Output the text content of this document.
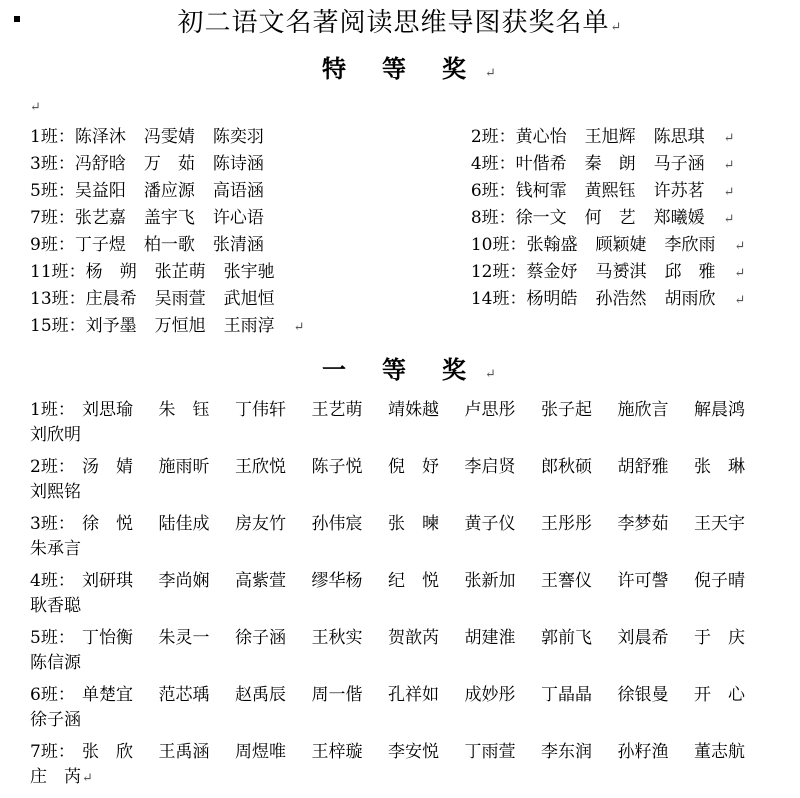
初二语文名著阅读思维导图获奖名单↵
特 等 奖 ↵
↵
1班：陈泽沐 冯雯婧 陈奕羽	2班：黄心怡 王旭辉 陈思琪 ↵
3班：冯舒晗 万　茹 陈诗涵	4班：叶偕希 秦　朗 马子涵 ↵
5班：吴益阳 潘应源 高语涵	6班：钱柯霏 黄熙钰 许苏茗 ↵
7班：张艺嘉 盖宇飞 许心语	8班：徐一文 何　艺 郑曦媛 ↵
9班：丁子煜 柏一歌 张清涵	10班：张翰盛 顾颖婕 李欣雨 ↵
11班：杨　朔 张芷萌 张宇驰	12班：蔡金妤 马赟淇 邱　雅 ↵
13班：庄晨希 吴雨萱 武旭恒	14班：杨明皓 孙浩然 胡雨欣 ↵
15班：刘予墨 万恒旭 王雨淳 ↵
一 等 奖 ↵
1班： 刘思瑜	朱　钰	丁伟轩	王艺萌	靖姝越	卢思彤	张子起	施欣言	解晨鸿
刘欣明
2班： 汤　婧	施雨昕	王欣悦	陈子悦	倪　妤	李启贤	郎秋硕	胡舒雅	张　琳
刘熙铭
3班： 徐　悦	陆佳成	房友竹	孙伟宸	张　暕	黄子仪	王彤彤	李梦茹	王天宇
朱承言
4班： 刘研琪	李尚娴	高紫萱	缪华杨	纪　悦	张新加	王謇仪	许可謦	倪子晴
耿香聪
5班： 丁怡衡	朱灵一	徐子涵	王秋实	贺歆芮	胡建淮	郭前飞	刘晨希	于　庆
陈信源
6班： 单楚宜	范芯瑀	赵禹辰	周一偕	孔祥如	成妙彤	丁晶晶	徐银曼	开　心
徐子涵
7班： 张　欣	王禹涵	周煜唯	王梓璇	李安悦	丁雨萱	李东润	孙籽渔	董志航
庄　芮↵
